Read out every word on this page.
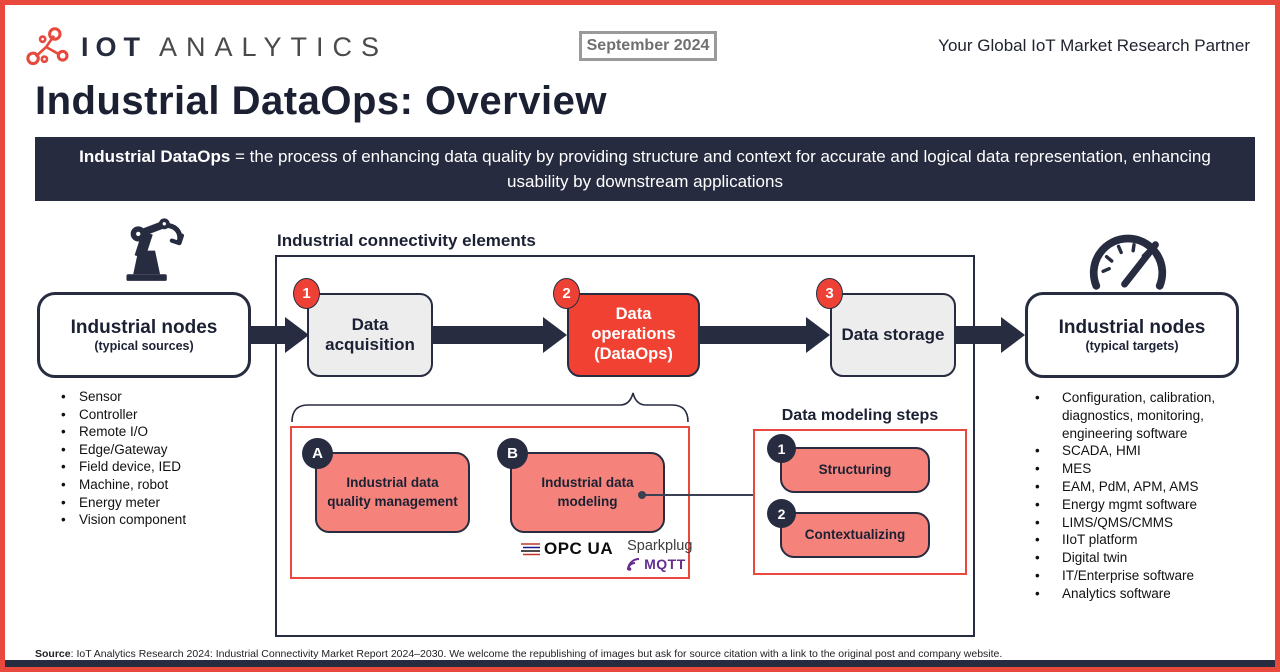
IOT ANALYTICS	September 2024	Your Global IoT Market Research Partner
Industrial DataOps: Overview
Industrial DataOps = the process of enhancing data quality by providing structure and context for accurate and logical data representation, enhancing usability by downstream applications
Industrial nodes
(typical sources)
• Sensor
• Controller
• Remote I/O
• Edge/Gateway
• Field device, IED
• Machine, robot
• Energy meter
• Vision component
Industrial connectivity elements
1
Data acquisition
2
Data operations (DataOps)
3
Data storage
Industrial data quality management
A
Industrial data modeling
B
OPC UA Sparkplug
MQTT
Data modeling steps
Structuring
1
Contextualizing
2
Industrial nodes
(typical targets)
•	Configuration, calibration, diagnostics, monitoring, engineering software
•	SCADA, HMI
•	MES
•	EAM, PdM, APM, AMS
•	Energy mgmt software
•	LIMS/QMS/CMMS
•	IIoT platform
•	Digital twin
•	IT/Enterprise software
•	Analytics software
Source: IoT Analytics Research 2024: Industrial Connectivity Market Report 2024–2030. We welcome the republishing of images but ask for source citation with a link to the original post and company website.
